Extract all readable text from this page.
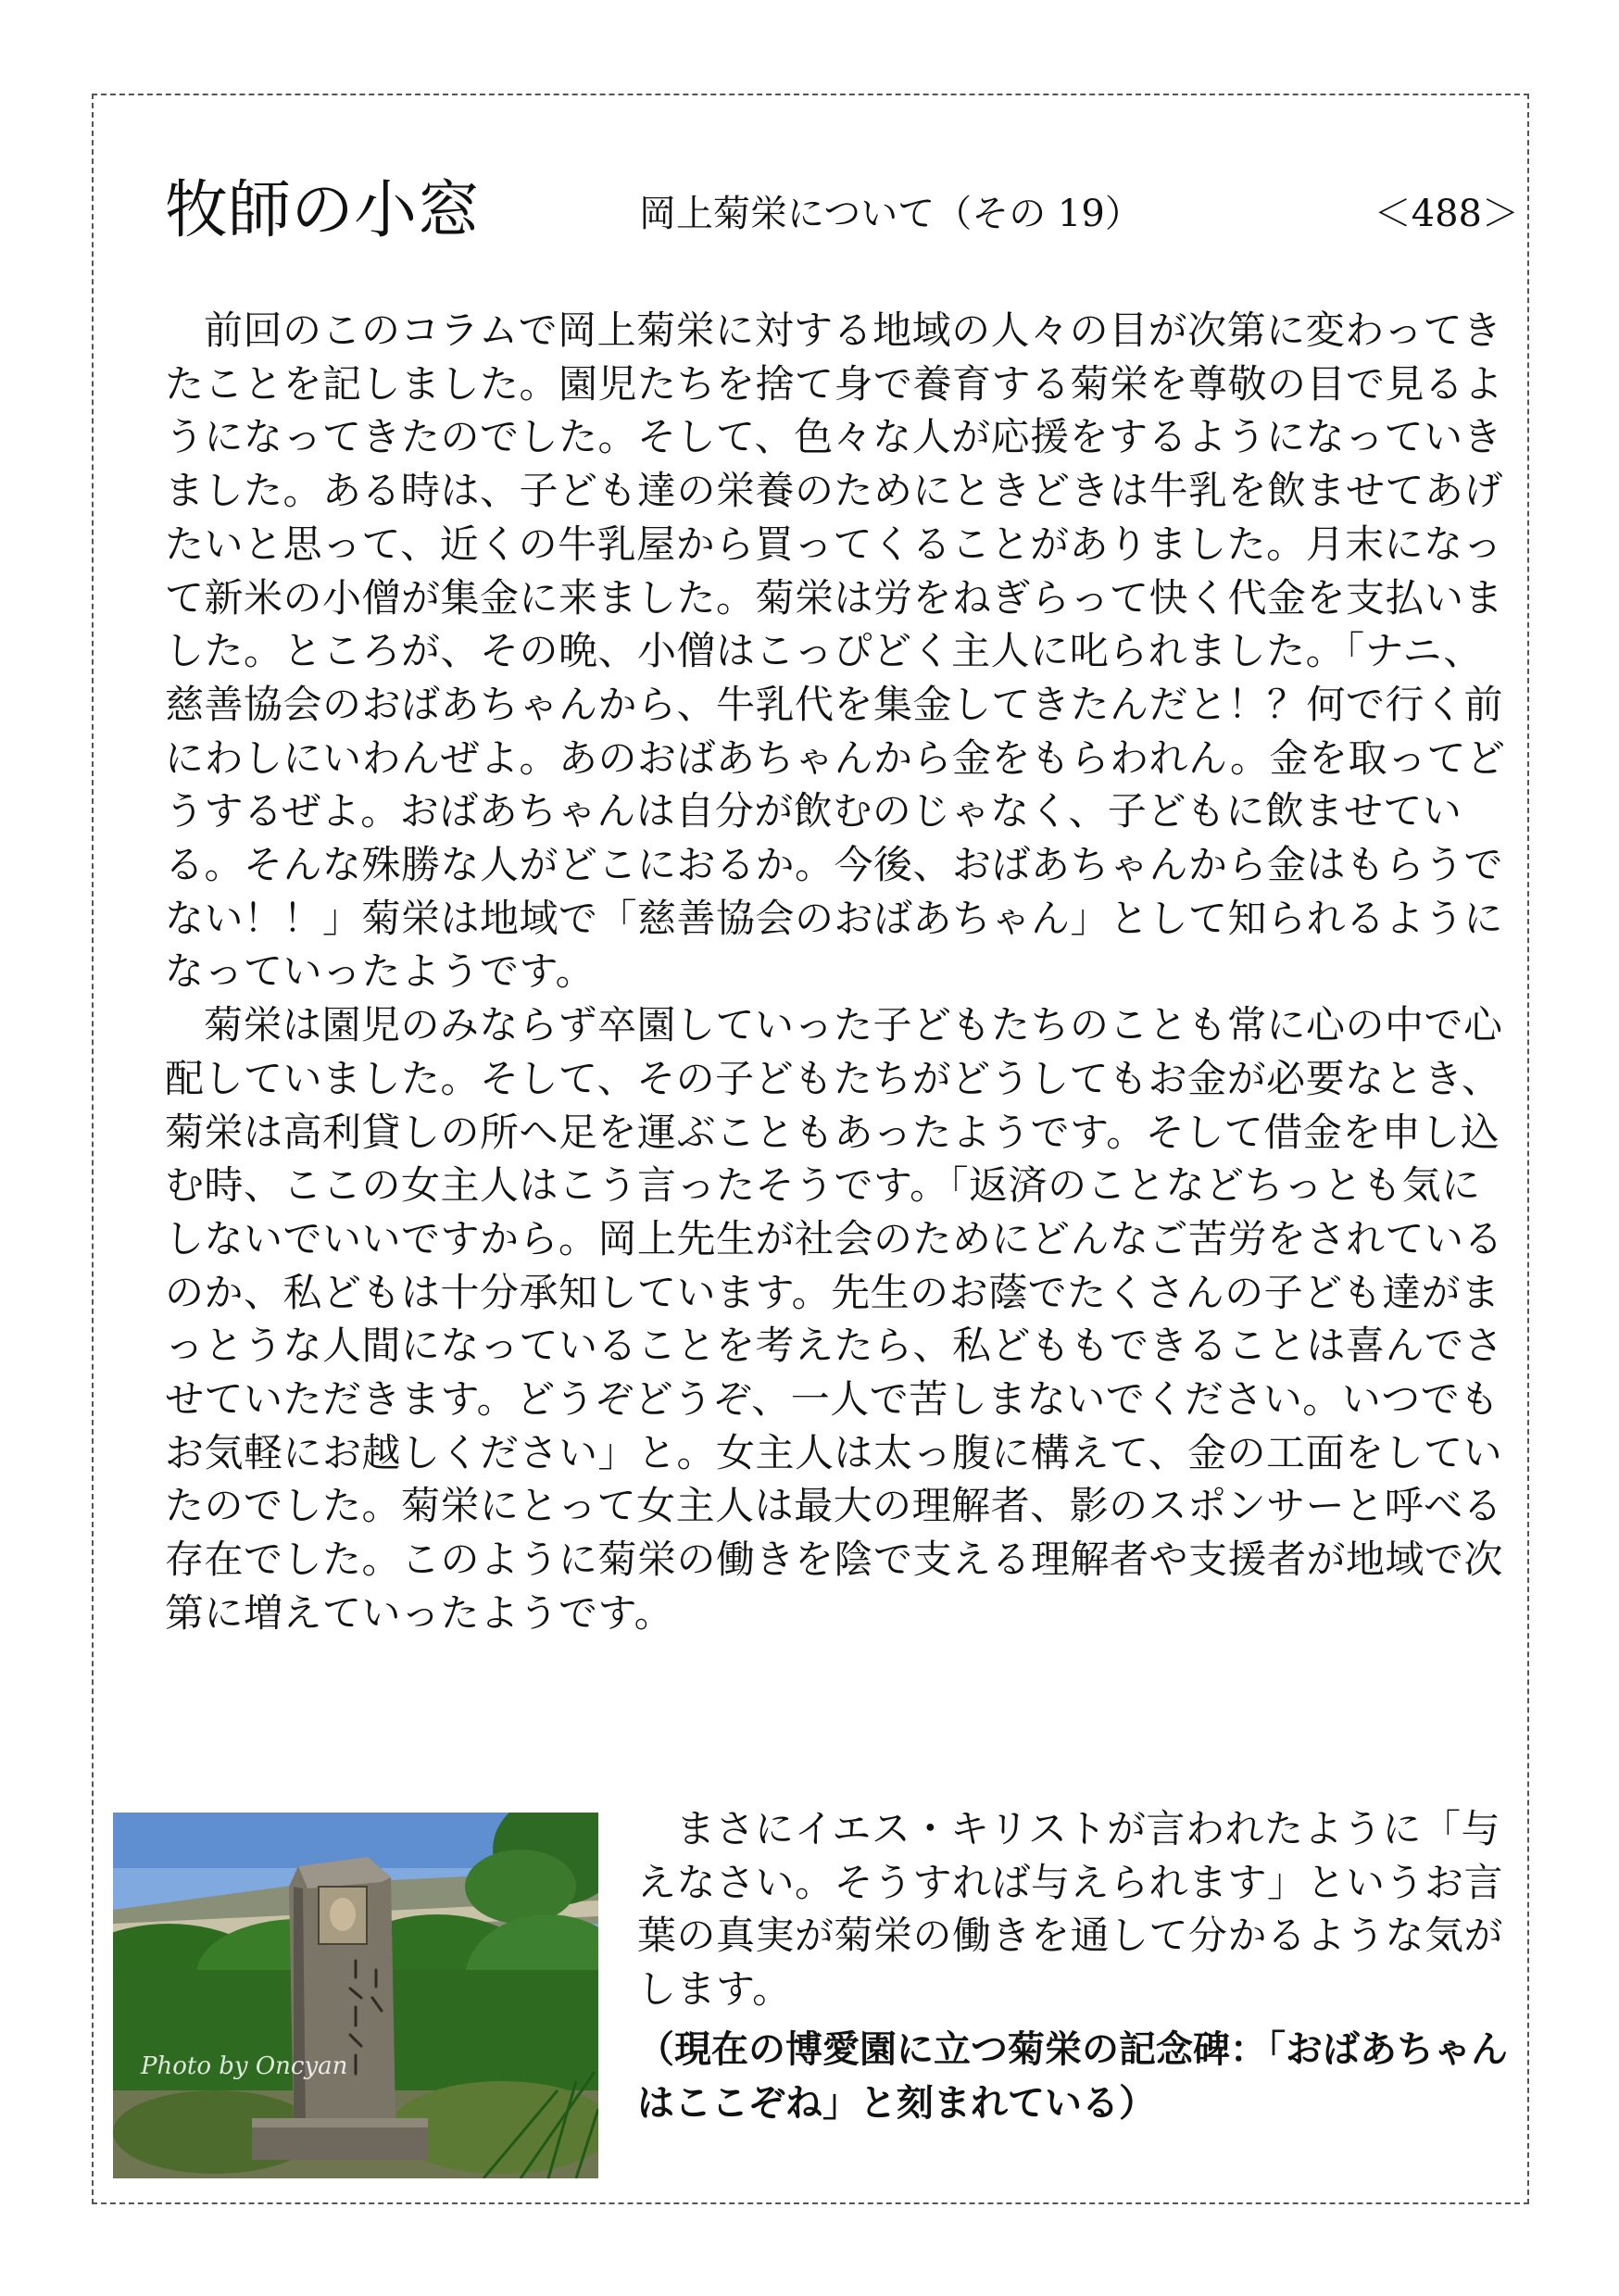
牧師の小窓	岡上菊栄について（その 19）	＜488＞

前回のこのコラムで岡上菊栄に対する地域の人々の目が次第に変わってきたことを記しました。園児たちを捨て身で養育する菊栄を尊敬の目で見るようになってきたのでした。そして、色々な人が応援をするようになっていきました。ある時は、子ども達の栄養のためにときどきは牛乳を飲ませてあげたいと思って、近くの牛乳屋から買ってくることがありました。月末になって新米の小僧が集金に来ました。菊栄は労をねぎらって快く代金を支払いました。ところが、その晩、小僧はこっぴどく主人に叱られました。「ナニ、慈善協会のおばあちゃんから、牛乳代を集金してきたんだと！？何で行く前にわしにいわんぜよ。あのおばあちゃんから金をもらわれん。金を取ってどうするぜよ。おばあちゃんは自分が飲むのじゃなく、子どもに飲ませている。そんな殊勝な人がどこにおるか。今後、おばあちゃんから金はもらうでない！！」菊栄は地域で「慈善協会のおばあちゃん」として知られるようになっていったようです。

菊栄は園児のみならず卒園していった子どもたちのことも常に心の中で心配していました。そして、その子どもたちがどうしてもお金が必要なとき、菊栄は高利貸しの所へ足を運ぶこともあったようです。そして借金を申し込む時、ここの女主人はこう言ったそうです。「返済のことなどちっとも気にしないでいいですから。岡上先生が社会のためにどんなご苦労をされているのか、私どもは十分承知しています。先生のお蔭でたくさんの子ども達がまっとうな人間になっていることを考えたら、私どももできることは喜んでさせていただきます。どうぞどうぞ、一人で苦しまないでください。いつでもお気軽にお越しください」と。女主人は太っ腹に構えて、金の工面をしていたのでした。菊栄にとって女主人は最大の理解者、影のスポンサーと呼べる存在でした。このように菊栄の働きを陰で支える理解者や支援者が地域で次第に増えていったようです。

Photo by Oncyan

まさにイエス・キリストが言われたように「与えなさい。そうすれば与えられます」というお言葉の真実が菊栄の働きを通して分かるような気がします。

（現在の博愛園に立つ菊栄の記念碑：「おばあちゃんはここぞね」と刻まれている）
